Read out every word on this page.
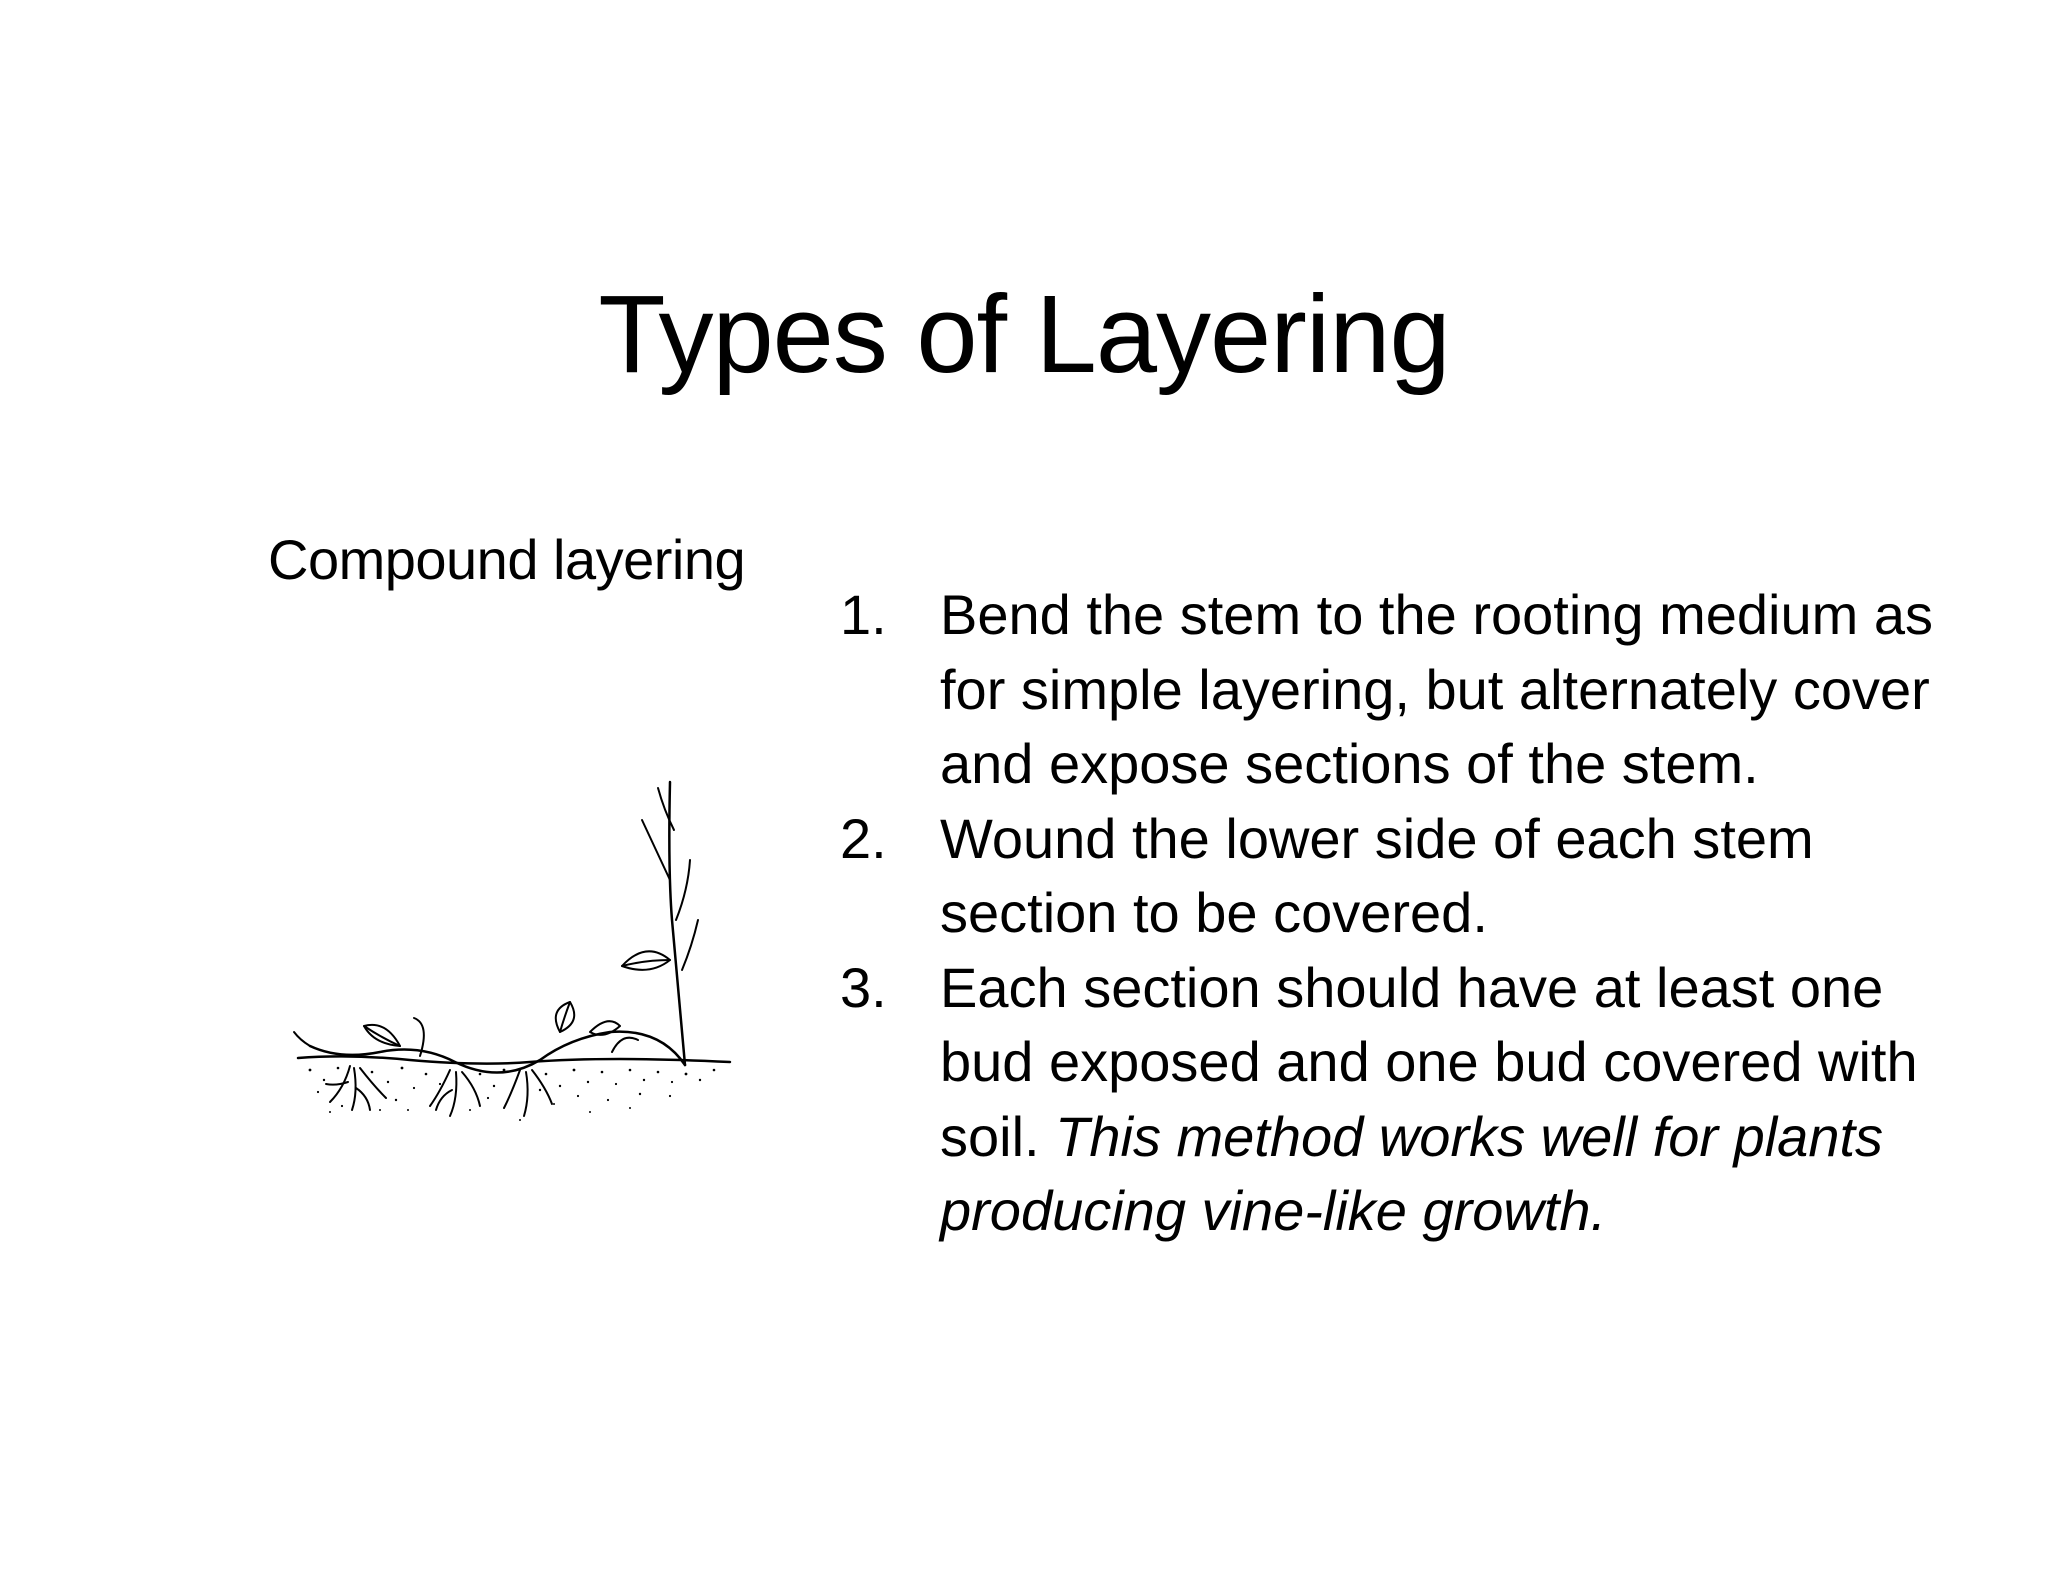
Types of Layering

Compound layering

1. Bend the stem to the rooting medium as for simple layering, but alternately cover and expose sections of the stem.
2. Wound the lower side of each stem section to be covered.
3. Each section should have at least one bud exposed and one bud covered with soil. This method works well for plants producing vine-like growth.
